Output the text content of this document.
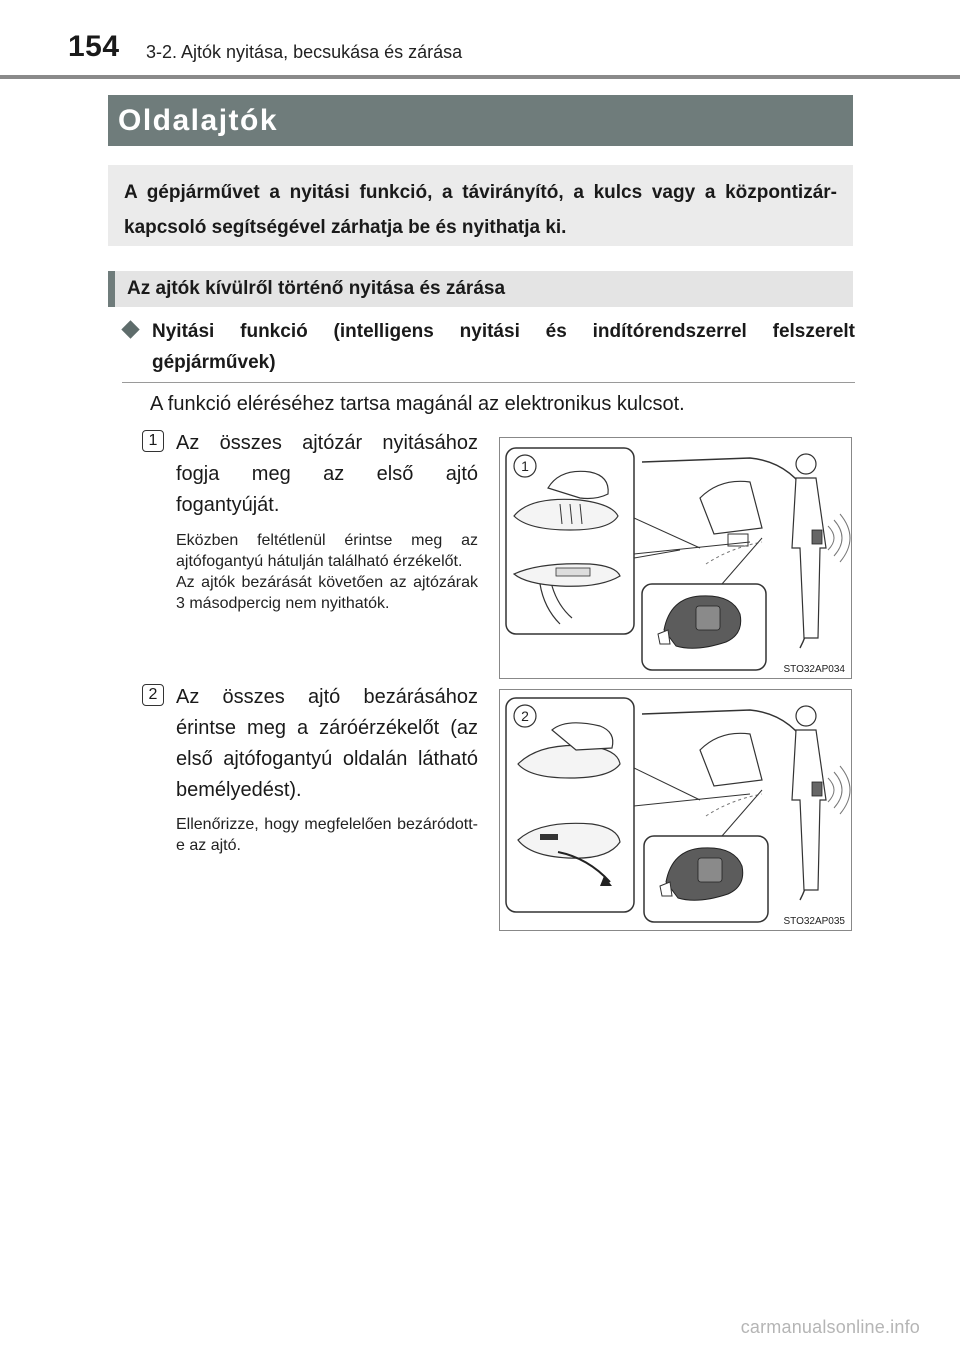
154 3-2. Ajtók nyitása, becsukása és zárása
Oldalajtók
A gépjárművet a nyitási funkció, a távirányító, a kulcs vagy a központizár-kapcsoló segítségével zárhatja be és nyithatja ki.
Az ajtók kívülről történő nyitása és zárása
Nyitási funkció (intelligens nyitási és indítórendszerrel felszerelt gépjárművek)
A funkció eléréséhez tartsa magánál az elektronikus kulcsot.
1 Az összes ajtózár nyitásához fogja meg az első ajtó fogantyúját.
Eközben feltétlenül érintse meg az ajtófogantyú hátulján található érzékelőt.
Az ajtók bezárását követően az ajtózárak 3 másodpercig nem nyithatók.
1
STO32AP034
2 Az összes ajtó bezárásához érintse meg a záróérzékelőt (az első ajtófogantyú oldalán látható bemélyedést).
Ellenőrizze, hogy megfelelően bezáródott-e az ajtó.
2
STO32AP035
carmanualsonline.info
